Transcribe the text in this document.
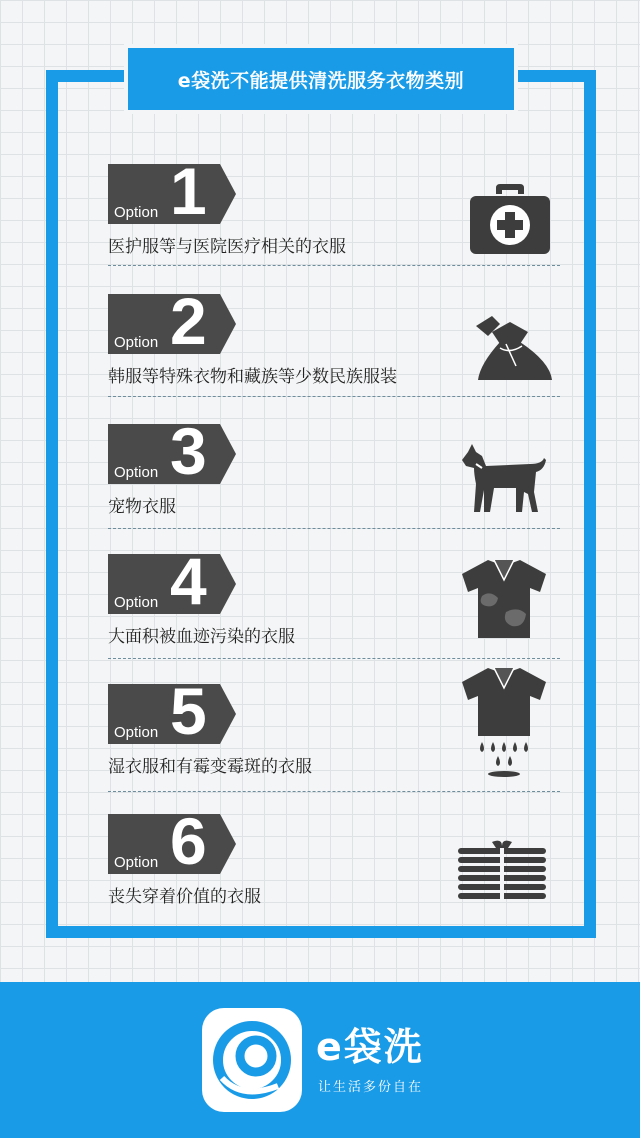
e袋洗不能提供清洗服务衣物类别
Option 1
医护服等与医院医疗相关的衣服
Option 2
韩服等特殊衣物和藏族等少数民族服装
Option 3
宠物衣服
Option 4
大面积被血迹污染的衣服
Option 5
湿衣服和有霉变霉斑的衣服
Option 6
丧失穿着价值的衣服
e袋洗
让生活多份自在
